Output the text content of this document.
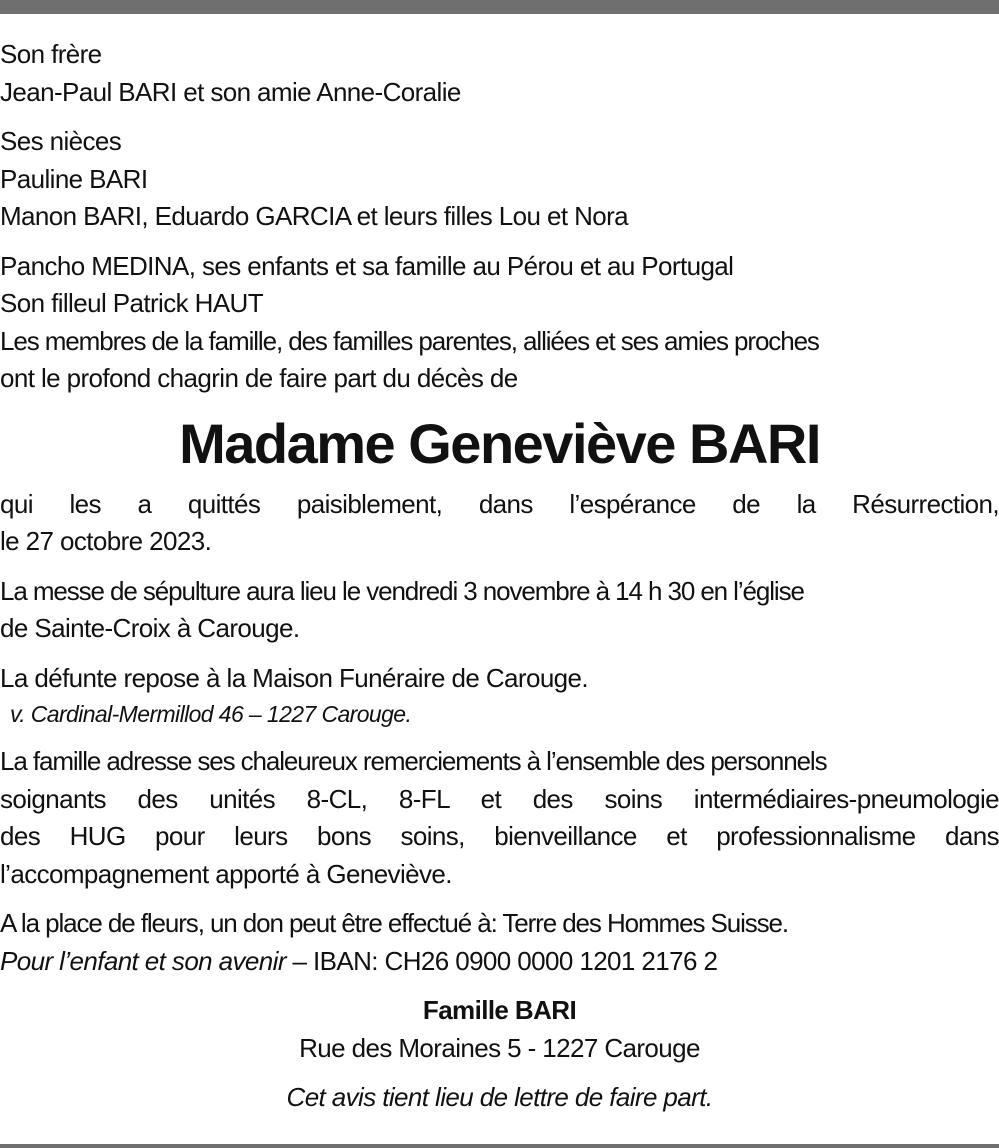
Son frère
Jean-Paul BARI et son amie Anne-Coralie
Ses nièces
Pauline BARI
Manon BARI, Eduardo GARCIA et leurs filles Lou et Nora
Pancho MEDINA, ses enfants et sa famille au Pérou et au Portugal
Son filleul Patrick HAUT
Les membres de la famille, des familles parentes, alliées et ses amies proches
ont le profond chagrin de faire part du décès de
Madame Geneviève BARI
qui les a quittés paisiblement, dans l’espérance de la Résurrection,
le 27 octobre 2023.
La messe de sépulture aura lieu le vendredi 3 novembre à 14 h 30 en l’église
de Sainte-Croix à Carouge.
La défunte repose à la Maison Funéraire de Carouge.
v. Cardinal-Mermillod 46 – 1227 Carouge.
La famille adresse ses chaleureux remerciements à l’ensemble des personnels
soignants des unités 8-CL, 8-FL et des soins intermédiaires-pneumologie
des HUG pour leurs bons soins, bienveillance et professionnalisme dans
l’accompagnement apporté à Geneviève.
A la place de fleurs, un don peut être effectué à: Terre des Hommes Suisse.
Pour l’enfant et son avenir – IBAN: CH26 0900 0000 1201 2176 2
Famille BARI
Rue des Moraines 5 - 1227 Carouge
Cet avis tient lieu de lettre de faire part.
